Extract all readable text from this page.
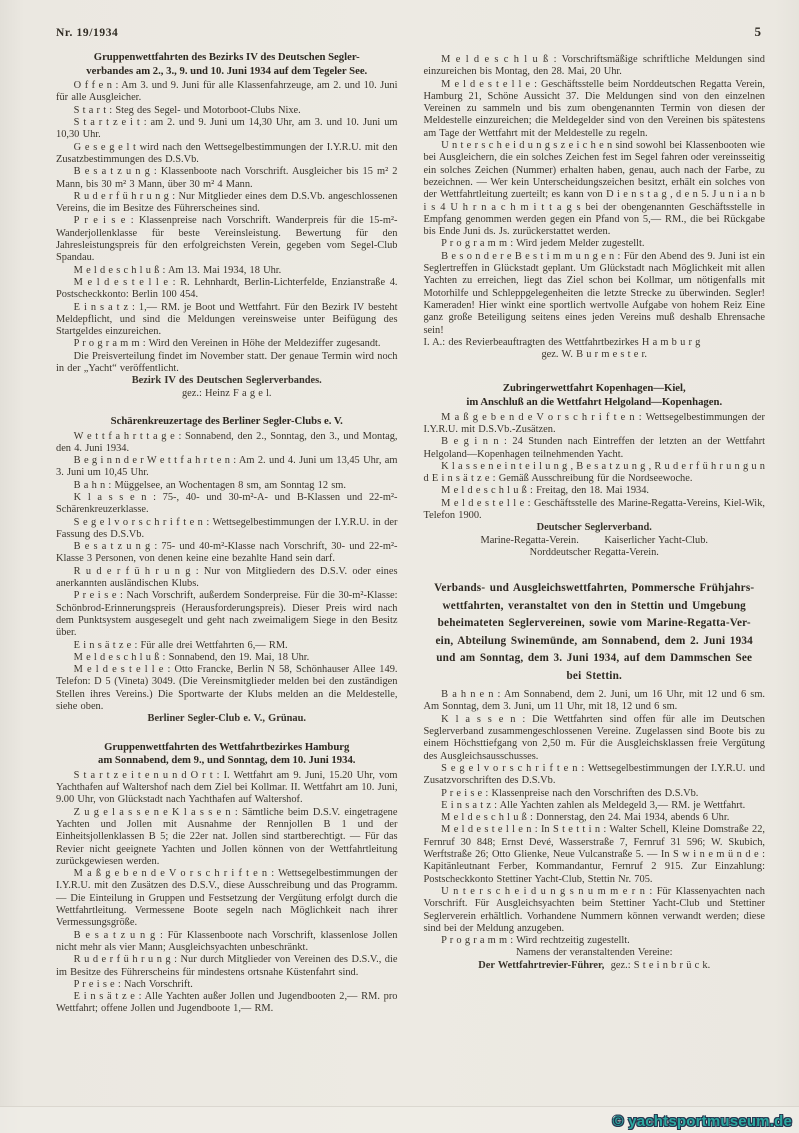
Nr. 19/1934	5
Gruppenwettfahrten des Bezirks IV des Deutschen Segler-
verbandes am 2., 3., 9. und 10. Juni 1934 auf dem Tegeler See.

O f f e n : Am 3. und 9. Juni für alle Klassenfahrzeuge, am 2. und 10. Juni für alle Ausgleicher.

S t a r t : Steg des Segel- und Motorboot-Clubs Nixe.

S t a r t z e i t : am 2. und 9. Juni um 14,30 Uhr, am 3. und 10. Juni um 10,30 Uhr.

G e s e g e l t wird nach den Wettsegelbestimmungen der I.Y.R.U. mit den Zusatzbestimmungen des D.S.Vb.

B e s a t z u n g : Klassenboote nach Vorschrift. Ausgleicher bis 15 m² 2 Mann, bis 30 m² 3 Mann, über 30 m² 4 Mann.

R u d e r f ü h r u n g : Nur Mitglieder eines dem D.S.Vb. angeschlossenen Vereins, die im Besitze des Führerscheines sind.

P r e i s e : Klassenpreise nach Vorschrift. Wanderpreis für die 15-m²-Wanderjollenklasse für beste Vereinsleistung. Bewertung für den Jahresleistungspreis für den erfolgreichsten Verein, gegeben vom Segel-Club Spandau.

M e l d e s c h l u ß : Am 13. Mai 1934, 18 Uhr.

M e l d e s t e l l e : R. Lehnhardt, Berlin-Lichterfelde, Enzianstraße 4. Postscheckkonto: Berlin 100 454.

E i n s a t z : 1,— RM. je Boot und Wettfahrt. Für den Bezirk IV besteht Meldepflicht, und sind die Meldungen vereinsweise unter Beifügung des Startgeldes einzureichen.

P r o g r a m m : Wird den Vereinen in Höhe der Meldeziffer zugesandt.

Die Preisverteilung findet im November statt. Der genaue Termin wird noch in der „Yacht“ veröffentlicht.

Bezirk IV des Deutschen Seglerverbandes.

gez.: Heinz F a g e l.

Schärenkreuzertage des Berliner Segler-Clubs e. V.

W e t t f a h r t t a g e : Sonnabend, den 2., Sonntag, den 3., und Montag, den 4. Juni 1934.

B e g i n n d e r W e t t f a h r t e n : Am 2. und 4. Juni um 13,45 Uhr, am 3. Juni um 10,45 Uhr.

B a h n : Müggelsee, an Wochentagen 8 sm, am Sonntag 12 sm.

K l a s s e n : 75-, 40- und 30-m²-A- und B-Klassen und 22-m²-Schärenkreuzerklasse.

S e g e l v o r s c h r i f t e n : Wettsegelbestimmungen der I.Y.R.U. in der Fassung des D.S.Vb.

B e s a t z u n g : 75- und 40-m²-Klasse nach Vorschrift, 30- und 22-m²-Klasse 3 Personen, von denen keine eine bezahlte Hand sein darf.

R u d e r f ü h r u n g : Nur von Mitgliedern des D.S.V. oder eines anerkannten ausländischen Klubs.

P r e i s e : Nach Vorschrift, außerdem Sonderpreise. Für die 30-m²-Klasse: Schönbrod-Erinnerungspreis (Herausforderungspreis). Dieser Preis wird nach dem Punktsystem ausgesegelt und geht nach zweimaligem Siege in den Besitz über.

E i n s ä t z e : Für alle drei Wettfahrten 6,— RM.

M e l d e s c h l u ß : Sonnabend, den 19. Mai, 18 Uhr.

M e l d e s t e l l e : Otto Francke, Berlin N 58, Schönhauser Allee 149. Telefon: D 5 (Vineta) 3049. (Die Vereinsmitglieder melden bei den zuständigen Stellen ihres Vereins.) Die Sportwarte der Klubs melden an die Meldestelle, siehe oben.

Berliner Segler-Club e. V., Grünau.

Gruppenwettfahrten des Wettfahrtbezirkes Hamburg
am Sonnabend, dem 9., und Sonntag, dem 10. Juni 1934.

S t a r t z e i t e n u n d O r t : I. Wettfahrt am 9. Juni, 15.20 Uhr, vom Yachthafen auf Waltershof nach dem Ziel bei Kollmar. II. Wettfahrt am 10. Juni, 9.00 Uhr, von Glückstadt nach Yachthafen auf Waltershof.

Z u g e l a s s e n e K l a s s e n : Sämtliche beim D.S.V. eingetragene Yachten und Jollen mit Ausnahme der Rennjollen B 1 und der Einheitsjollenklassen B 5; die 22er nat. Jollen sind startberechtigt. — Für das Revier nicht geeignete Yachten und Jollen können von der Wettfahrtleitung zurückgewiesen werden.

M a ß g e b e n d e V o r s c h r i f t e n : Wettsegelbestimmungen der I.Y.R.U. mit den Zusätzen des D.S.V., diese Ausschreibung und das Programm. — Die Einteilung in Gruppen und Festsetzung der Vergütung erfolgt durch die Wettfahrtleitung. Vermessene Boote segeln nach Möglichkeit nach ihrer Vermessungsgröße.

B e s a t z u n g : Für Klassenboote nach Vorschrift, klassenlose Jollen nicht mehr als vier Mann; Ausgleichsyachten unbeschränkt.

R u d e r f ü h r u n g : Nur durch Mitglieder von Vereinen des D.S.V., die im Besitze des Führerscheins für mindestens ortsnahe Küstenfahrt sind.

P r e i s e : Nach Vorschrift.

E i n s ä t z e : Alle Yachten außer Jollen und Jugendbooten 2,— RM. pro Wettfahrt; offene Jollen und Jugendboote 1,— RM.

M e l d e s c h l u ß : Vorschriftsmäßige schriftliche Meldungen sind einzureichen bis Montag, den 28. Mai, 20 Uhr.

M e l d e s t e l l e : Geschäftsstelle beim Norddeutschen Regatta Verein, Hamburg 21, Schöne Aussicht 37. Die Meldungen sind von den einzelnen Vereinen zu sammeln und bis zum obengenannten Termin von diesen der Meldestelle einzureichen; die Meldegelder sind von den Vereinen bis spätestens am Tage der Wettfahrt mit der Meldestelle zu regeln.

U n t e r s c h e i d u n g s z e i c h e n sind sowohl bei Klassenbooten wie bei Ausgleichern, die ein solches Zeichen fest im Segel fahren oder vereinsseitig ein solches Zeichen (Nummer) erhalten haben, genau, auch nach der Farbe, zu bezeichnen. — Wer kein Unterscheidungszeichen besitzt, erhält ein solches von der Wettfahrtleitung zuerteilt; es kann von D i e n s t a g , d e n 5. J u n i a n b i s 4 U h r n a c h m i t t a g s bei der obengenannten Geschäftsstelle in Empfang genommen werden gegen ein Pfand von 5,— RM., die bei Rückgabe bis Ende Juni ds. Js. zurückerstattet werden.

P r o g r a m m : Wird jedem Melder zugestellt.

B e s o n d e r e B e s t i m m u n g e n : Für den Abend des 9. Juni ist ein Seglertreffen in Glückstadt geplant. Um Glückstadt nach Möglichkeit mit allen Yachten zu erreichen, liegt das Ziel schon bei Kollmar, um nötigenfalls mit Motorhilfe und Schleppgelegenheiten die letzte Strecke zu überwinden. Segler! Kameraden! Hier winkt eine sportlich wertvolle Aufgabe von hohem Reiz Eine ganz große Beteiligung seitens eines jeden Vereins muß deshalb Ehrensache sein!

I. A.: des Revierbeauftragten des Wettfahrtbezirkes H a m b u r g

gez. W. B u r m e s t e r.

Zubringerwettfahrt Kopenhagen—Kiel,
im Anschluß an die Wettfahrt Helgoland—Kopenhagen.

M a ß g e b e n d e V o r s c h r i f t e n : Wettsegelbestimmungen der I.Y.R.U. mit D.S.Vb.-Zusätzen.

B e g i n n : 24 Stunden nach Eintreffen der letzten an der Wettfahrt Helgoland—Kopenhagen teilnehmenden Yacht.

K l a s s e n e i n t e i l u n g , B e s a t z u n g , R u d e r f ü h r u n g u n d E i n s ä t z e : Gemäß Ausschreibung für die Nordseewoche.

M e l d e s c h l u ß : Freitag, den 18. Mai 1934.

M e l d e s t e l l e : Geschäftsstelle des Marine-Regatta-Vereins, Kiel-Wik, Telefon 1900.

Deutscher Seglerverband.

Marine-Regatta-Verein.        Kaiserlicher Yacht-Club.

Norddeutscher Regatta-Verein.

Verbands- und Ausgleichswettfahrten, Pommersche Frühjahrs-
wettfahrten, veranstaltet von den in Stettin und Umgebung
beheimateten Seglervereinen, sowie vom Marine-Regatta-Ver-
ein, Abteilung Swinemünde, am Sonnabend, dem 2. Juni 1934
und am Sonntag, dem 3. Juni 1934, auf dem Dammschen See
bei Stettin.

B a h n e n : Am Sonnabend, dem 2. Juni, um 16 Uhr, mit 12 und 6 sm. Am Sonntag, dem 3. Juni, um 11 Uhr, mit 18, 12 und 6 sm.

K l a s s e n : Die Wettfahrten sind offen für alle im Deutschen Seglerverband zusammengeschlossenen Vereine. Zugelassen sind Boote bis zu einem Höchsttiefgang von 2,50 m. Für die Ausgleichsklassen freie Vergütung des Ausgleichsausschusses.

S e g e l v o r s c h r i f t e n : Wettsegelbestimmungen der I.Y.R.U. und Zusatzvorschriften des D.S.Vb.

P r e i s e : Klassenpreise nach den Vorschriften des D.S.Vb.

E i n s a t z : Alle Yachten zahlen als Meldegeld 3,— RM. je Wettfahrt.

M e l d e s c h l u ß : Donnerstag, den 24. Mai 1934, abends 6 Uhr.

M e l d e s t e l l e n : In S t e t t i n : Walter Schell, Kleine Domstraße 22, Fernruf 30 848; Ernst Devé, Wasserstraße 7, Fernruf 31 596; W. Skubich, Werftstraße 26; Otto Glienke, Neue Vulcanstraße 5. — In S w i n e m ü n d e : Kapitänleutnant Ferber, Kommandantur, Fernruf 2 915. Zur Einzahlung: Postscheckkonto Stettiner Yacht-Club, Stettin Nr. 705.

U n t e r s c h e i d u n g s n u m m e r n : Für Klassenyachten nach Vorschrift. Für Ausgleichsyachten beim Stettiner Yacht-Club und Stettiner Seglerverein erhältlich. Vorhandene Nummern können verwandt werden; diese sind bei der Meldung anzugeben.

P r o g r a m m : Wird rechtzeitig zugestellt.

Namens der veranstaltenden Vereine:

Der Wettfahrtrevier-Führer,  gez.: S t e i n b r ü c k.

© yachtsportmuseum.de
